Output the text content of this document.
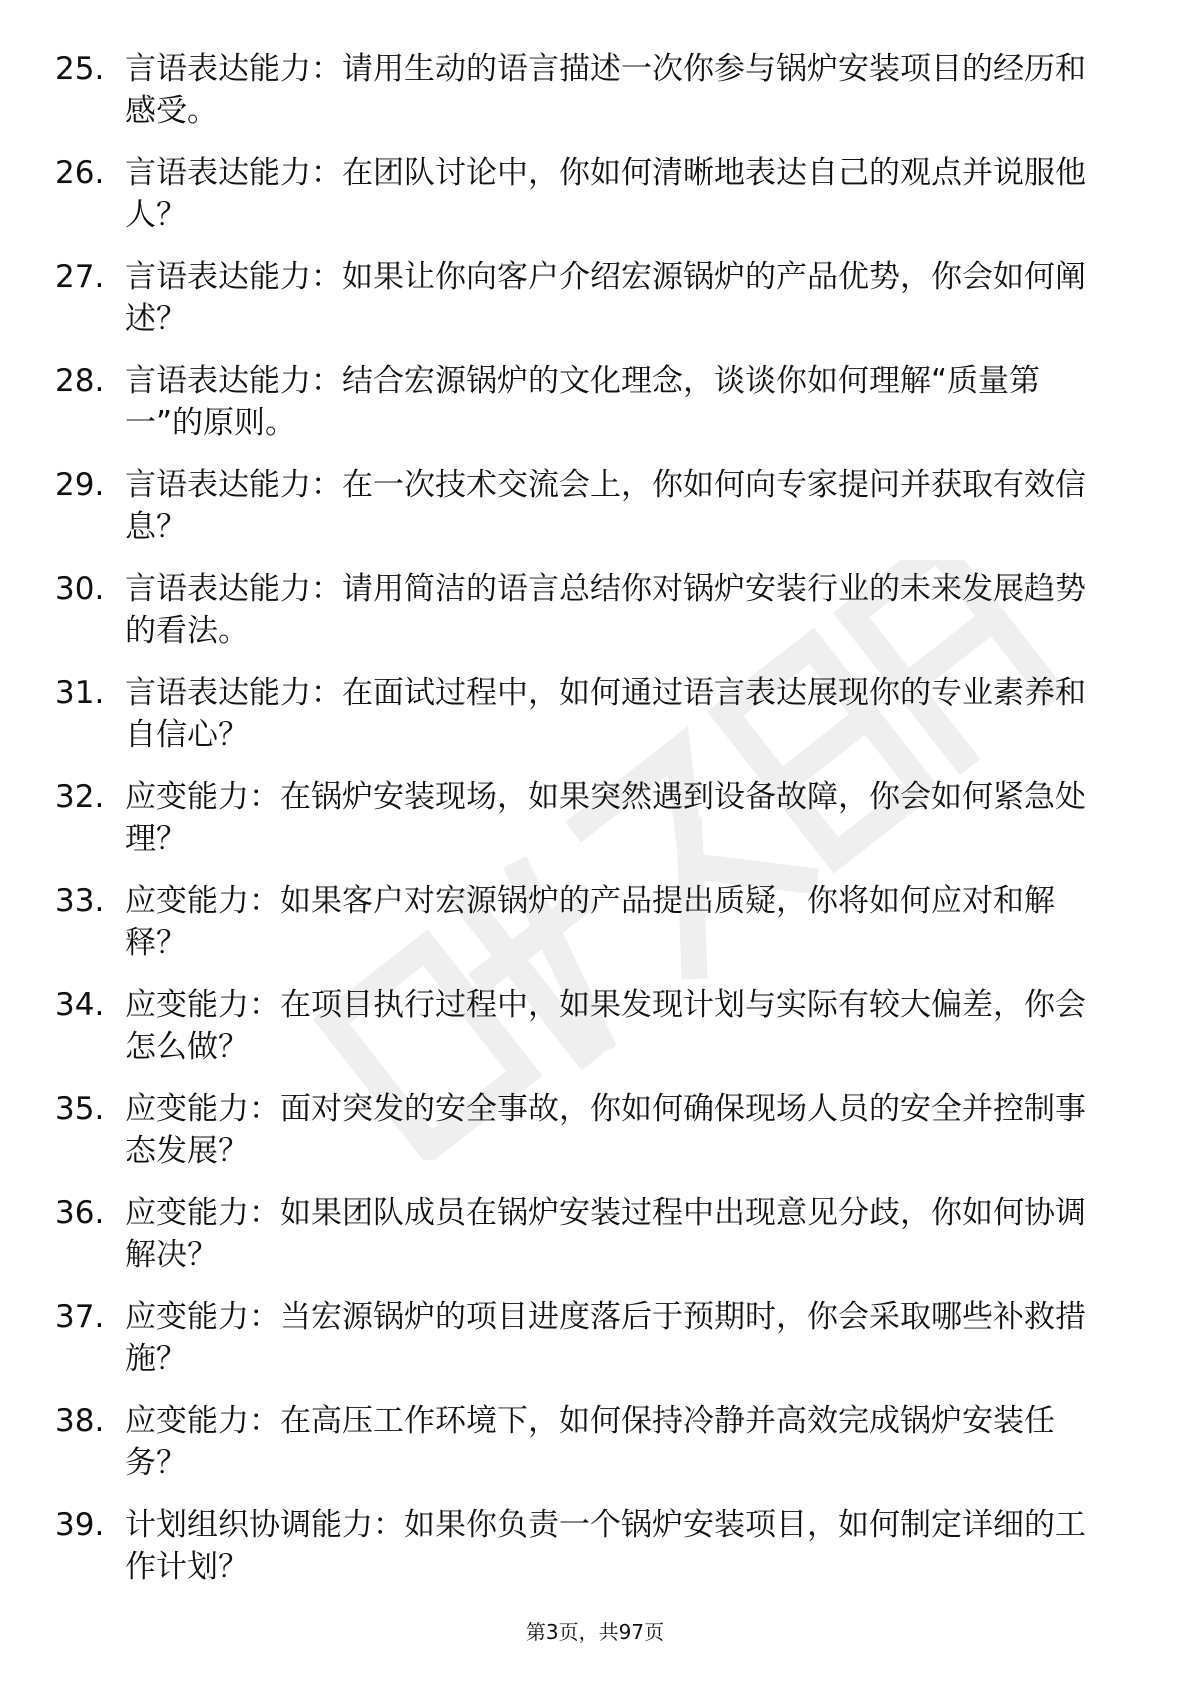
25. 言语表达能力：请用生动的语言描述一次你参与锅炉安装项目的经历和感受。
26. 言语表达能力：在团队讨论中，你如何清晰地表达自己的观点并说服他人？
27. 言语表达能力：如果让你向客户介绍宏源锅炉的产品优势，你会如何阐述？
28. 言语表达能力：结合宏源锅炉的文化理念，谈谈你如何理解“质量第一”的原则。
29. 言语表达能力：在一次技术交流会上，你如何向专家提问并获取有效信息？
30. 言语表达能力：请用简洁的语言总结你对锅炉安装行业的未来发展趋势的看法。
31. 言语表达能力：在面试过程中，如何通过语言表达展现你的专业素养和自信心？
32. 应变能力：在锅炉安装现场，如果突然遇到设备故障，你会如何紧急处理？
33. 应变能力：如果客户对宏源锅炉的产品提出质疑，你将如何应对和解释？
34. 应变能力：在项目执行过程中，如果发现计划与实际有较大偏差，你会怎么做？
35. 应变能力：面对突发的安全事故，你如何确保现场人员的安全并控制事态发展？
36. 应变能力：如果团队成员在锅炉安装过程中出现意见分歧，你如何协调解决？
37. 应变能力：当宏源锅炉的项目进度落后于预期时，你会采取哪些补救措施？
38. 应变能力：在高压工作环境下，如何保持冷静并高效完成锅炉安装任务？
39. 计划组织协调能力：如果你负责一个锅炉安装项目，如何制定详细的工作计划？
第3页，共97页
